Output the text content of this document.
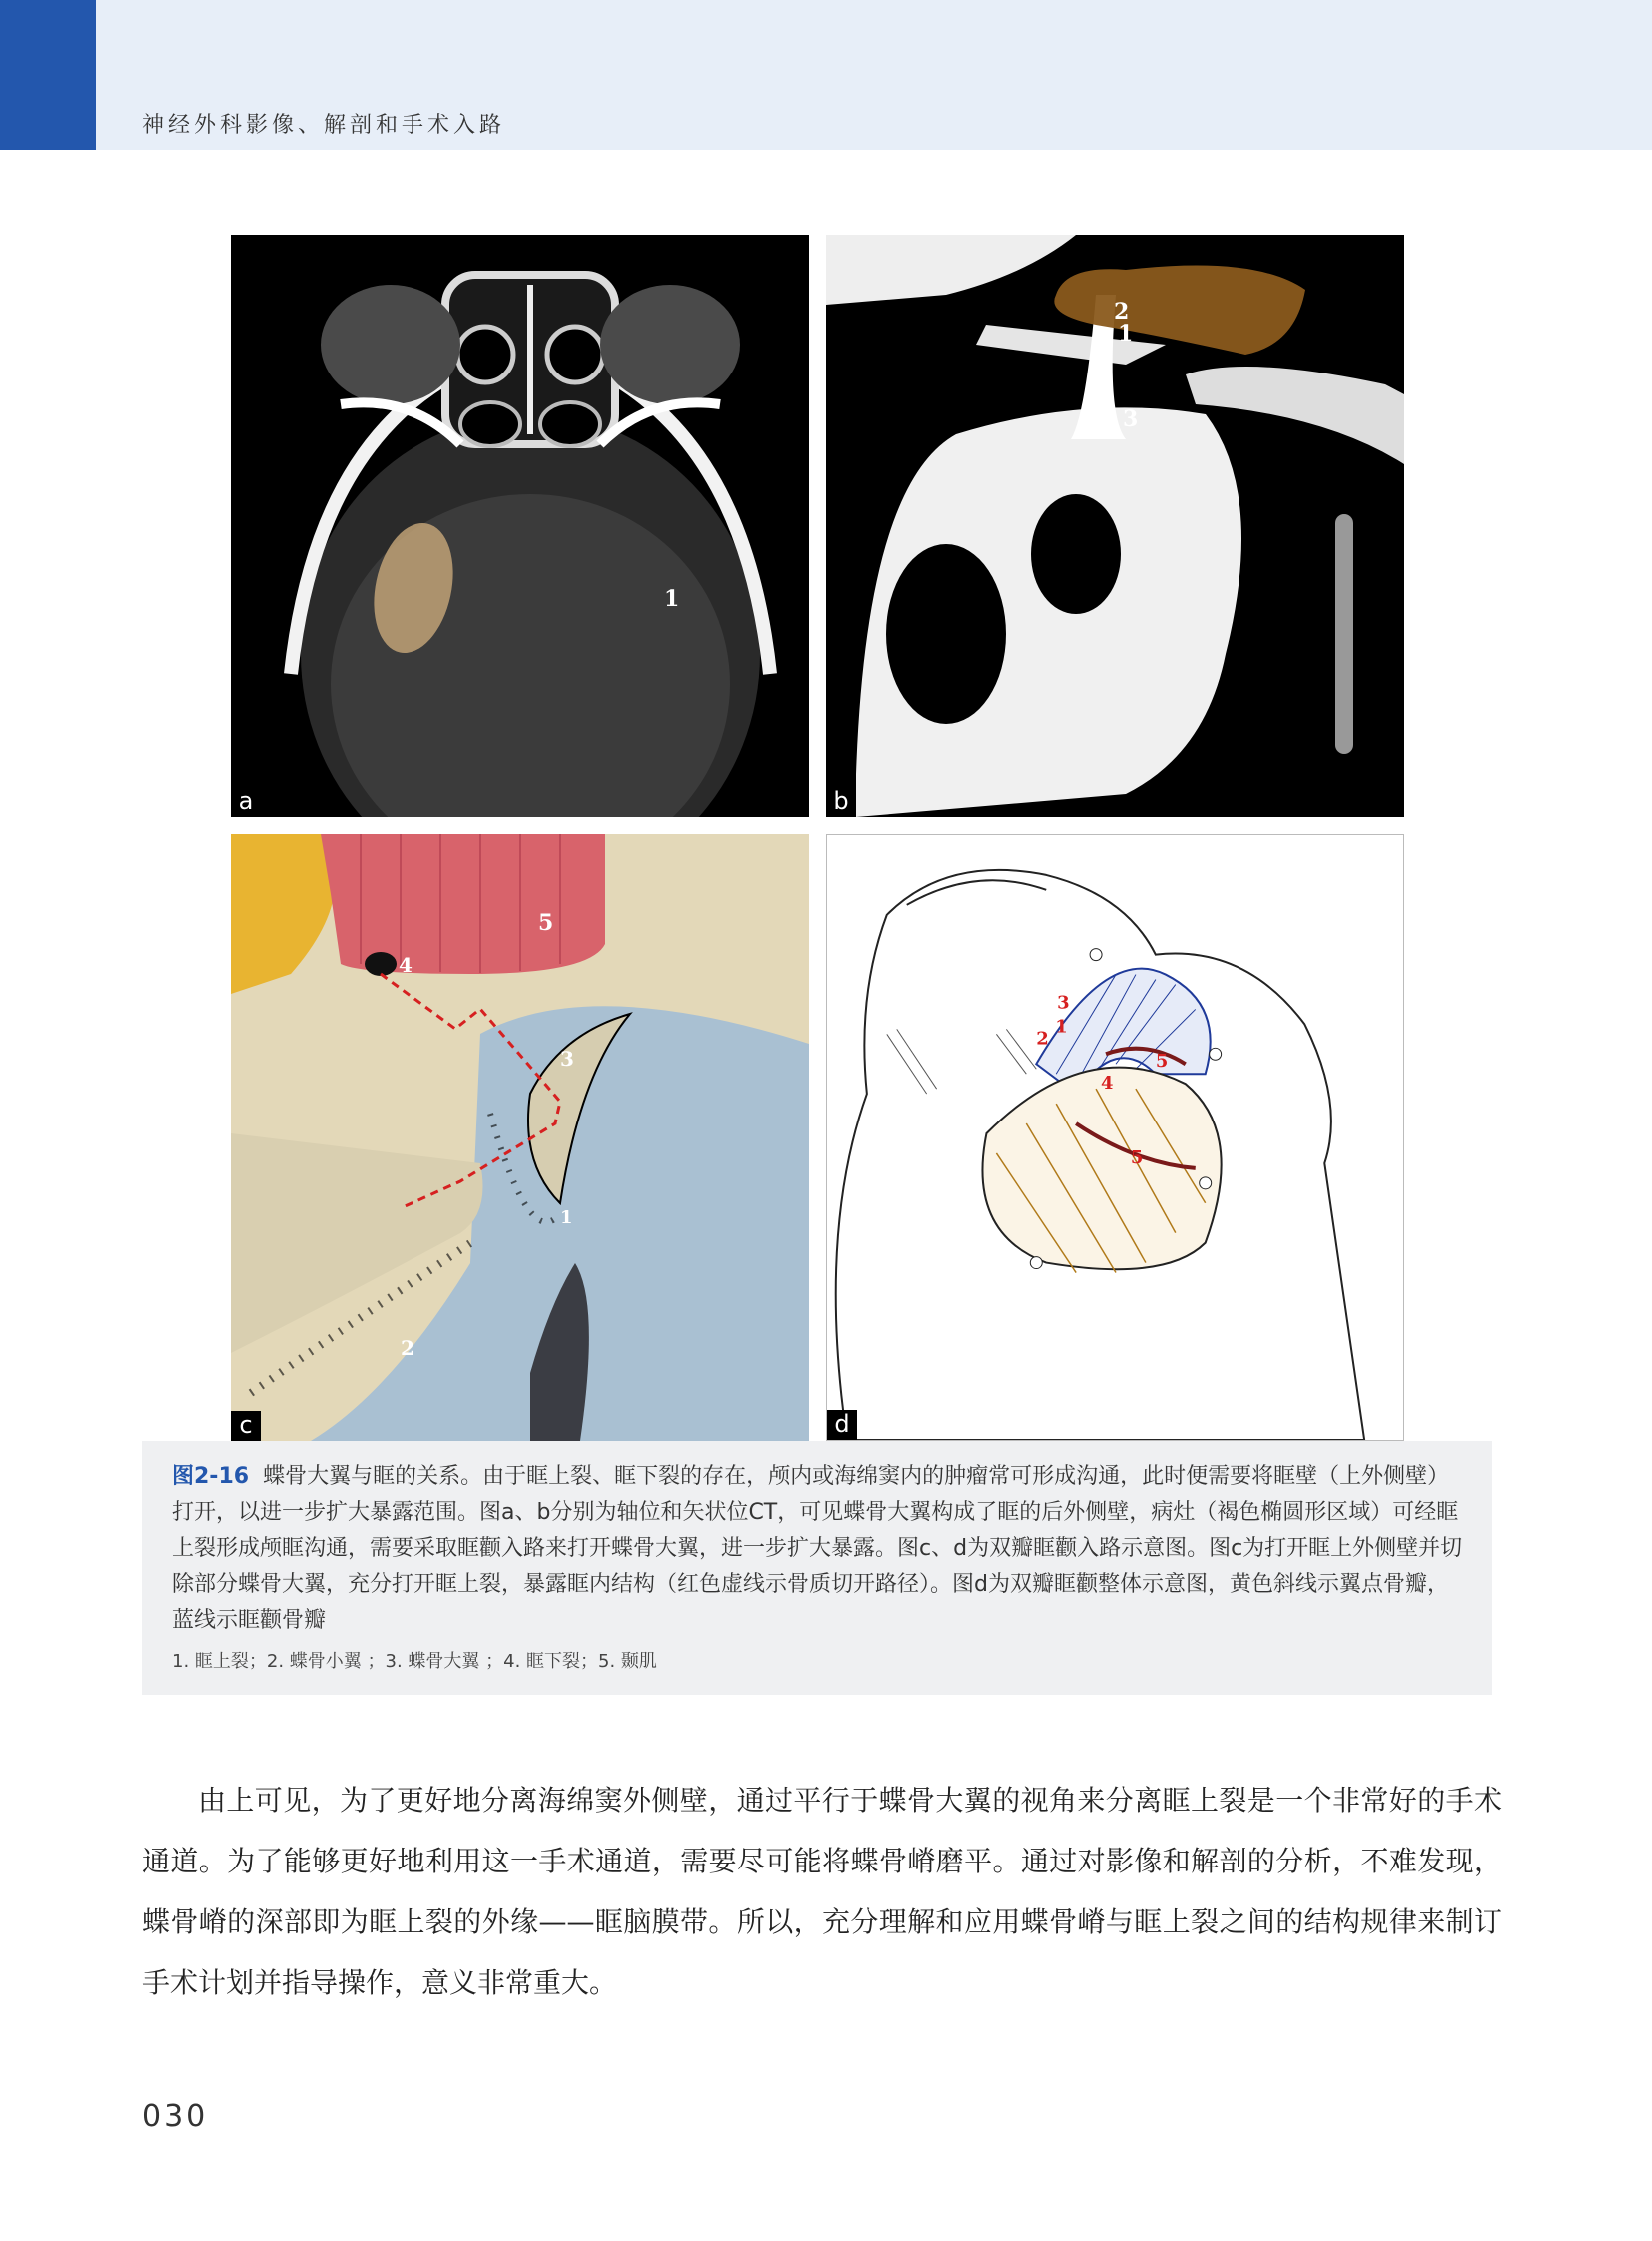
神经外科影像、解剖和手术入路
1
a
2
1
3
b
5
4
3
1
2
c
3
2
1
4
5
5
d
图2-16 蝶骨大翼与眶的关系。由于眶上裂、眶下裂的存在，颅内或海绵窦内的肿瘤常可形成沟通，此时便需要将眶壁（上外侧壁）打开，以进一步扩大暴露范围。图a、b分别为轴位和矢状位CT，可见蝶骨大翼构成了眶的后外侧壁，病灶（褐色椭圆形区域）可经眶上裂形成颅眶沟通，需要采取眶颧入路来打开蝶骨大翼，进一步扩大暴露。图c、d为双瓣眶颧入路示意图。图c为打开眶上外侧壁并切除部分蝶骨大翼，充分打开眶上裂，暴露眶内结构（红色虚线示骨质切开路径）。图d为双瓣眶颧整体示意图，黄色斜线示翼点骨瓣，蓝线示眶颧骨瓣
1. 眶上裂；2. 蝶骨小翼 ；3. 蝶骨大翼 ；4. 眶下裂；5. 颞肌
由上可见，为了更好地分离海绵窦外侧壁，通过平行于蝶骨大翼的视角来分离眶上裂是一个非常好的手术通道。为了能够更好地利用这一手术通道，需要尽可能将蝶骨嵴磨平。通过对影像和解剖的分析，不难发现，蝶骨嵴的深部即为眶上裂的外缘——眶脑膜带。所以，充分理解和应用蝶骨嵴与眶上裂之间的结构规律来制订手术计划并指导操作，意义非常重大。
030
